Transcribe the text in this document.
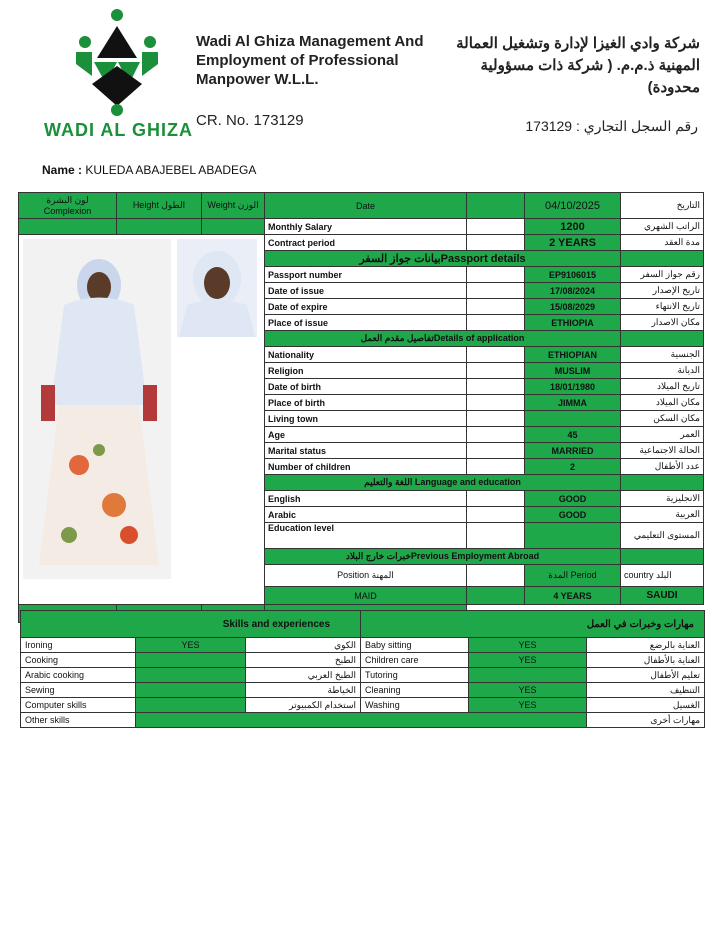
WADI AL GHIZA
Wadi Al Ghiza Management And
Employment of Professional
Manpower W.L.L.
CR. No. 173129
شركة وادي الغيزا لإدارة وتشغيل العمالة
المهنية ذ.م.م. ( شركة ذات مسؤولية
محدودة)
رقم السجل التجاري : 173129
Name : KULEDA ABAJEBEL ABADEGA
لون البشرة Complexion	Height الطول	Weight الوزن	Date		04/10/2025	التاريخ
			Monthly Salary		1200	الراتب الشهري

	Contract period		2 YEARS	مدة العقد
			بيانات جواز السفرPassport details			
			Passport number		EP9106015	رقم جواز السفر
			Date of issue		17/08/2024	تاريخ الإصدار
			Date of expire		15/08/2029	تاريخ الانتهاء
			Place of issue		ETHIOPIA	مكان الاصدار
			تفاصيل مقدم العملDetails of application			
			Nationality		ETHIOPIAN	الجنسية
			Religion		MUSLIM	الديانة
			Date of birth		18/01/1980	تاريخ الميلاد
			Place of birth		JIMMA	مكان الميلاد
			Living town			مكان السكن
			Age		45	العمر
			Marital status		MARRIED	الحالة الاجتماعية
			Number of children		2	عدد الأطفال
			اللغة والتعليم Language and education			
			English		GOOD	الانجليزية
			Arabic		GOOD	العربية
			Education level			المستوى التعليمي
			خبرات خارج البلادPrevious Employment Abroad			
			Position المهنة		المدة Period	country البلد
			MAID		4 YEARS	SAUDI

Skills and experiences			مهارات وخبرات في العمل		
Ironing	YES	الكوي	Baby sitting	YES	العناية بالرضع
Cooking		الطبخ	Children care	YES	العناية بالأطفال
Arabic cooking		الطبخ العربي	Tutoring		تعليم الأطفال
Sewing		الخياطة	Cleaning	YES	التنظيف
Computer skills		استخدام الكمبيوتر	Washing	YES	الغسيل
Other skills					مهارات أخرى
